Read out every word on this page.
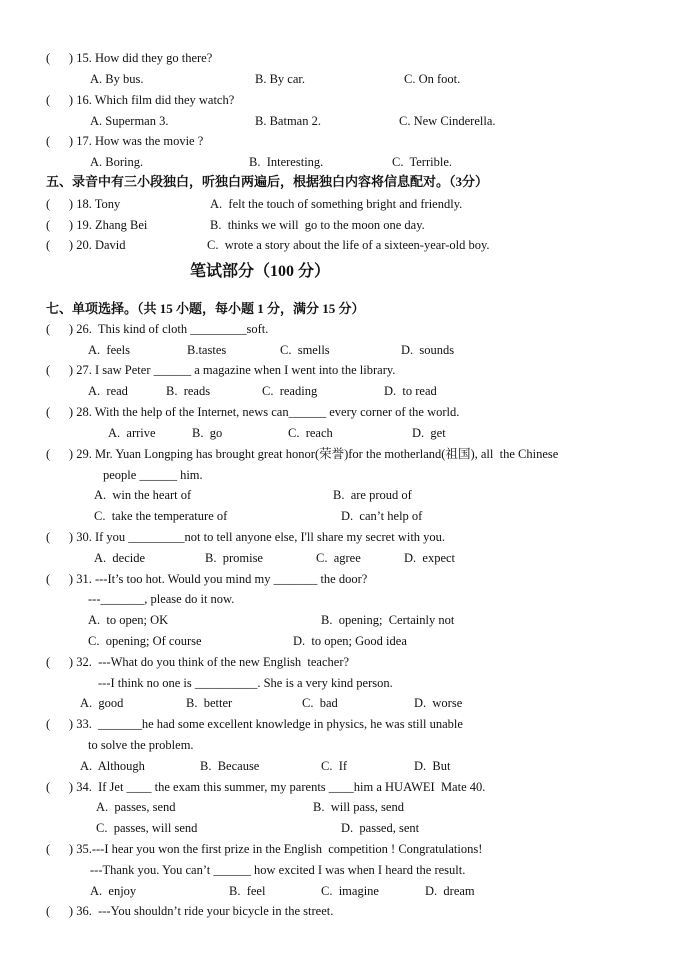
(      ) 15. How did they go there?
A. By bus.	B. By car.	C. On foot.
(      ) 16. Which film did they watch?
A. Superman 3.	B. Batman 2.	C. New Cinderella.
(      ) 17. How was the movie ?
A. Boring.	B.  Interesting.	C.  Terrible.
五、录音中有三小段独白，听独白两遍后，根据独白内容将信息配对。（3分）
(      ) 18. Tony	A.  felt the touch of something bright and friendly.
(      ) 19. Zhang Bei	B.  thinks we will  go to the moon one day.
(      ) 20. David	C.  wrote a story about the life of a sixteen-year-old boy.
笔试部分（100 分）
七、单项选择。（共 15 小题，每小题 1 分，满分 15 分）
(      ) 26.  This kind of cloth _________soft.
A.  feels	B.tastes	C.  smells	D.  sounds
(      ) 27. I saw Peter ______ a magazine when I went into the library.
A.  read	B.  reads	C.  reading	D.  to read
(      ) 28. With the help of the Internet, news can______ every corner of the world.
A.  arrive	B.  go	C.  reach	D.  get
(      ) 29. Mr. Yuan Longping has brought great honor(荣誉)for the motherland(祖国), all  the Chinese
people ______ him.
A.  win the heart of	B.  are proud of
C.  take the temperature of	D.  can’t help of
(      ) 30. If you _________not to tell anyone else, I'll share my secret with you.
A.  decide	B.  promise	C.  agree	D.  expect
(      ) 31. ---It’s too hot. Would you mind my _______ the door?
---_______, please do it now.
A.  to open; OK	B.  opening;  Certainly not
C.  opening; Of course	D.  to open; Good idea
(      ) 32.  ---What do you think of the new English  teacher?
---I think no one is __________. She is a very kind person.
A.  good	B.  better	C.  bad	D.  worse
(      ) 33.  _______he had some excellent knowledge in physics, he was still unable
to solve the problem.
A.  Although	B.  Because	C.  If	D.  But
(      ) 34.  If Jet ____ the exam this summer, my parents ____him a HUAWEI  Mate 40.
A.  passes, send	B.  will pass, send
C.  passes, will send	D.  passed, sent
(      ) 35.---I hear you won the first prize in the English  competition ! Congratulations!
---Thank you. You can’t ______ how excited I was when I heard the result.
A.  enjoy	B.  feel	C.  imagine	D.  dream
(      ) 36.  ---You shouldn’t ride your bicycle in the street.
